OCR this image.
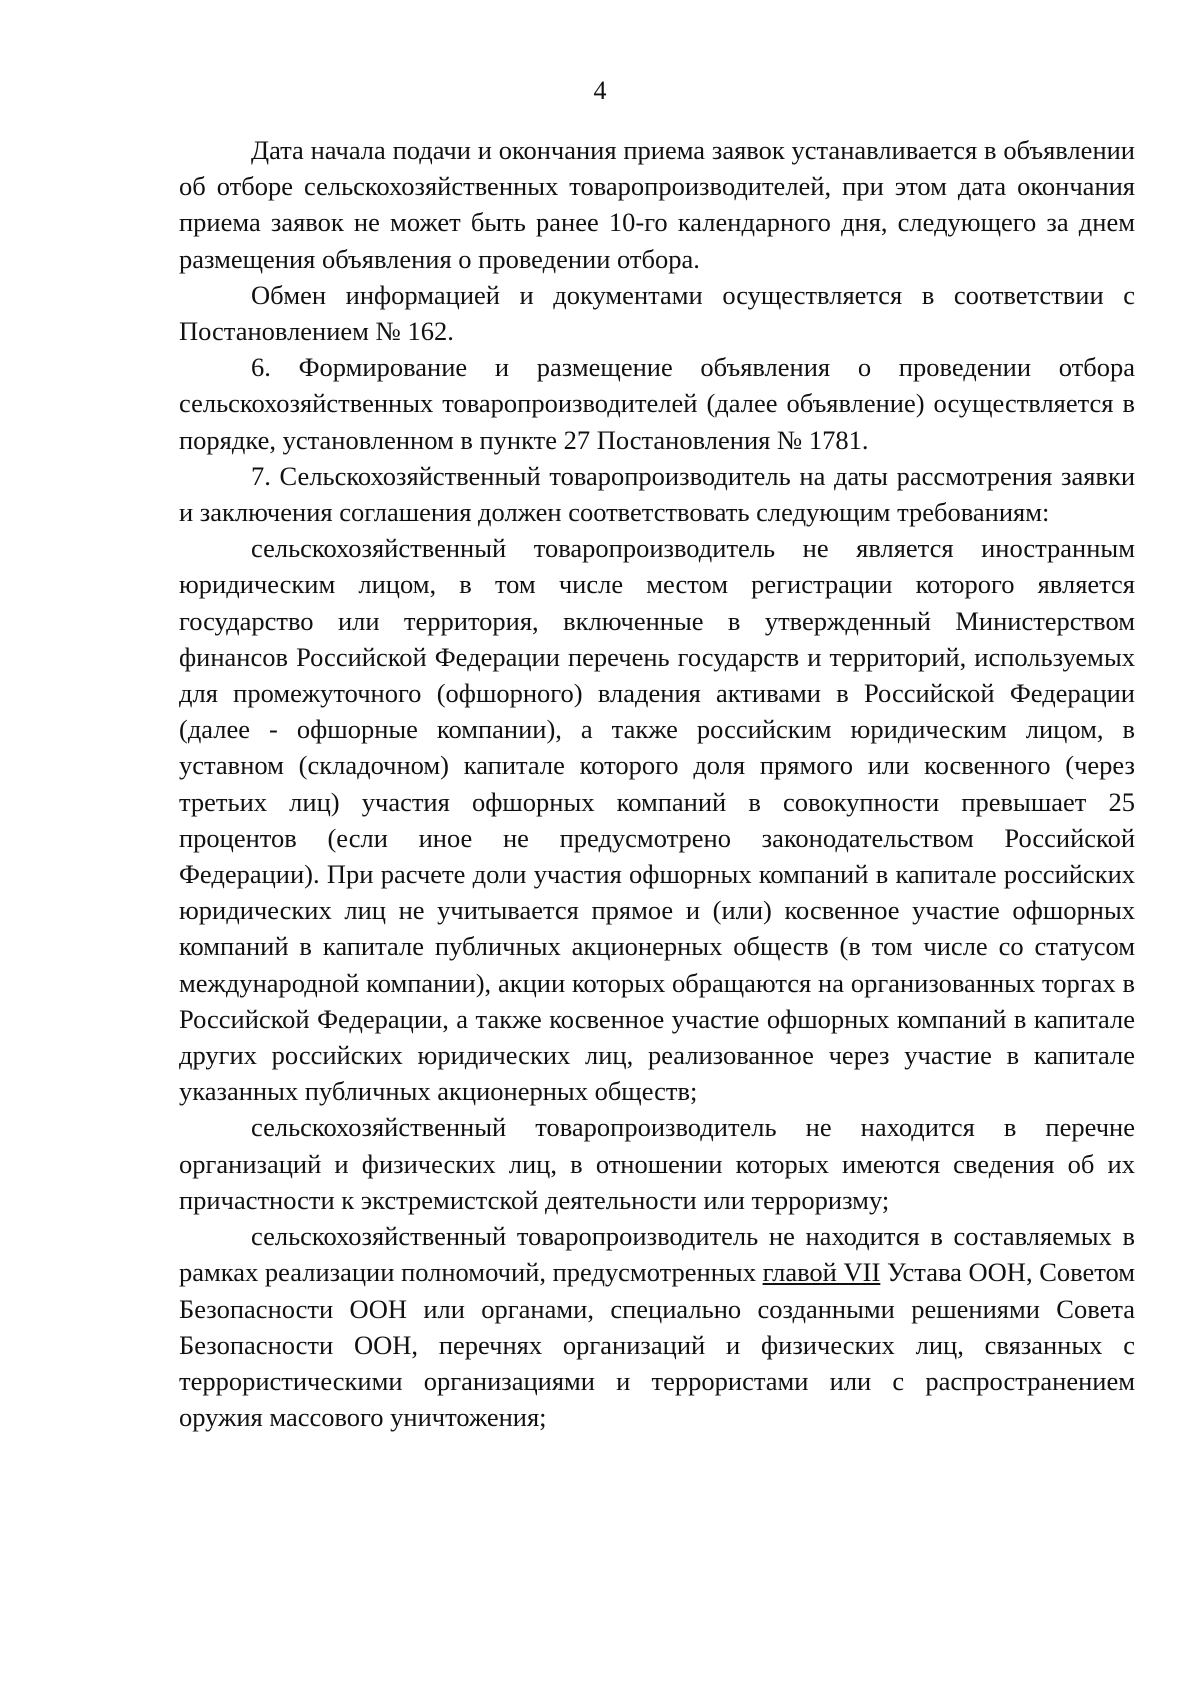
4

Дата начала подачи и окончания приема заявок устанавливается в объявлении об отборе сельскохозяйственных товаропроизводителей, при этом дата окончания приема заявок не может быть ранее 10-го календарного дня, следующего за днем размещения объявления о проведении отбора.

Обмен информацией и документами осуществляется в соответствии с Постановлением № 162.

6. Формирование и размещение объявления о проведении отбора сельскохозяйственных товаропроизводителей (далее объявление) осуществляется в порядке, установленном в пункте 27 Постановления № 1781.

7. Сельскохозяйственный товаропроизводитель на даты рассмотрения заявки и заключения соглашения должен соответствовать следующим требованиям:

сельскохозяйственный товаропроизводитель не является иностранным юридическим лицом, в том числе местом регистрации которого является государство или территория, включенные в утвержденный Министерством финансов Российской Федерации перечень государств и территорий, используемых для промежуточного (офшорного) владения активами в Российской Федерации (далее - офшорные компании), а также российским юридическим лицом, в уставном (складочном) капитале которого доля прямого или косвенного (через третьих лиц) участия офшорных компаний в совокупности превышает 25 процентов (если иное не предусмотрено законодательством Российской Федерации). При расчете доли участия офшорных компаний в капитале российских юридических лиц не учитывается прямое и (или) косвенное участие офшорных компаний в капитале публичных акционерных обществ (в том числе со статусом международной компании), акции которых обращаются на организованных торгах в Российской Федерации, а также косвенное участие офшорных компаний в капитале других российских юридических лиц, реализованное через участие в капитале указанных публичных акционерных обществ;

сельскохозяйственный товаропроизводитель не находится в перечне организаций и физических лиц, в отношении которых имеются сведения об их причастности к экстремистской деятельности или терроризму;

сельскохозяйственный товаропроизводитель не находится в составляемых в рамках реализации полномочий, предусмотренных главой VII Устава ООН, Советом Безопасности ООН или органами, специально созданными решениями Совета Безопасности ООН, перечнях организаций и физических лиц, связанных с террористическими организациями и террористами или с распространением оружия массового уничтожения;
